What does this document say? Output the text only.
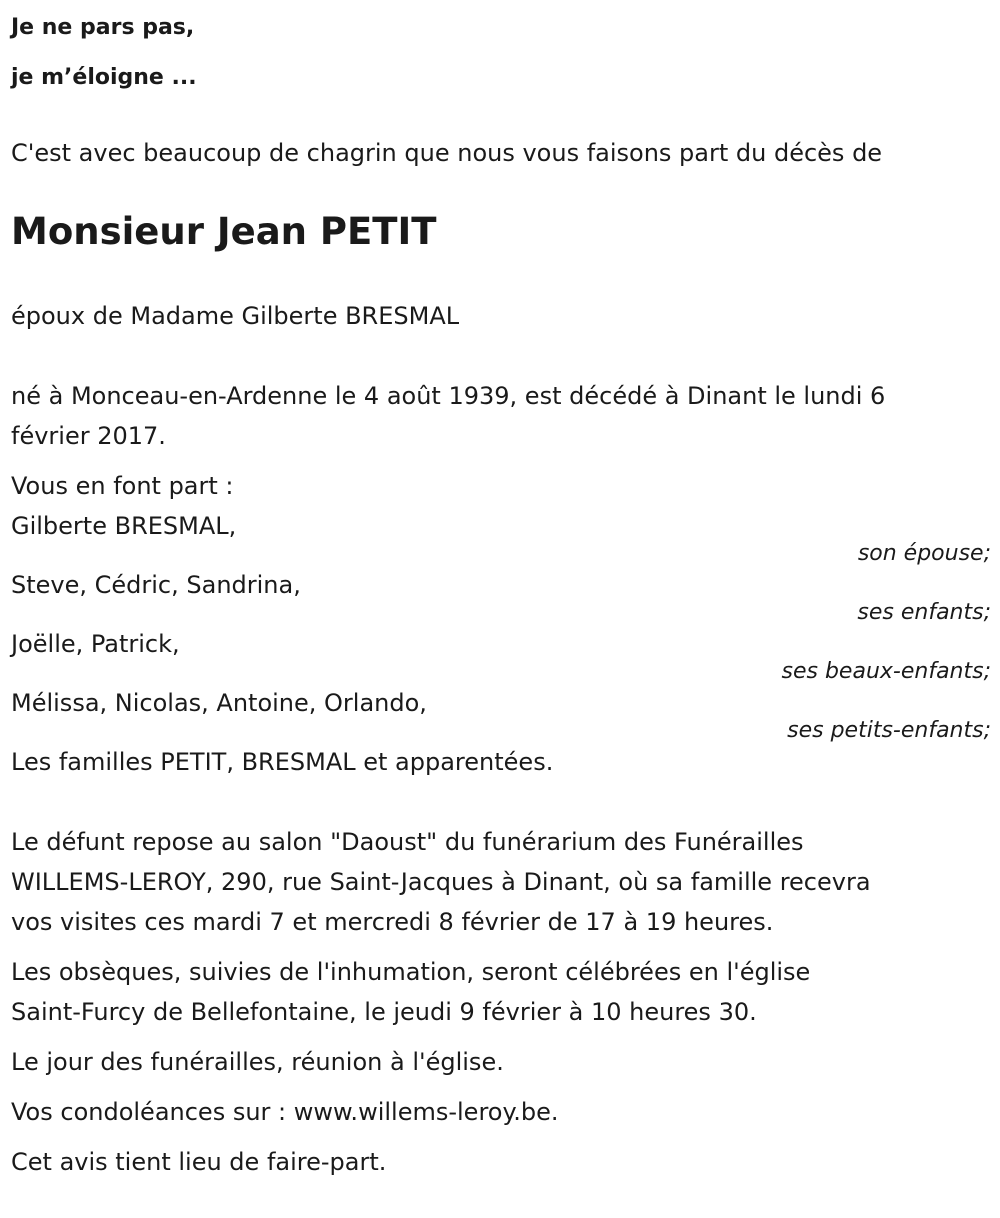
Je ne pars pas,
je m’éloigne ...

C'est avec beaucoup de chagrin que nous vous faisons part du décès de

Monsieur Jean PETIT

époux de Madame Gilberte BRESMAL

né à Monceau-en-Ardenne le 4 août 1939, est décédé à Dinant le lundi 6

février 2017.

Vous en font part :

Gilberte BRESMAL,
son épouse;
Steve, Cédric, Sandrina,
ses enfants;
Joëlle, Patrick,
ses beaux-enfants;
Mélissa, Nicolas, Antoine, Orlando,
ses petits-enfants;

Les familles PETIT, BRESMAL et apparentées.

Le défunt repose au salon "Daoust" du funérarium des Funérailles

WILLEMS-LEROY, 290, rue Saint-Jacques à Dinant, où sa famille recevra

vos visites ces mardi 7 et mercredi 8 février de 17 à 19 heures.

Les obsèques, suivies de l'inhumation, seront célébrées en l'église

Saint-Furcy de Bellefontaine, le jeudi 9 février à 10 heures 30.

Le jour des funérailles, réunion à l'église.

Vos condoléances sur : www.willems-leroy.be.

Cet avis tient lieu de faire-part.
